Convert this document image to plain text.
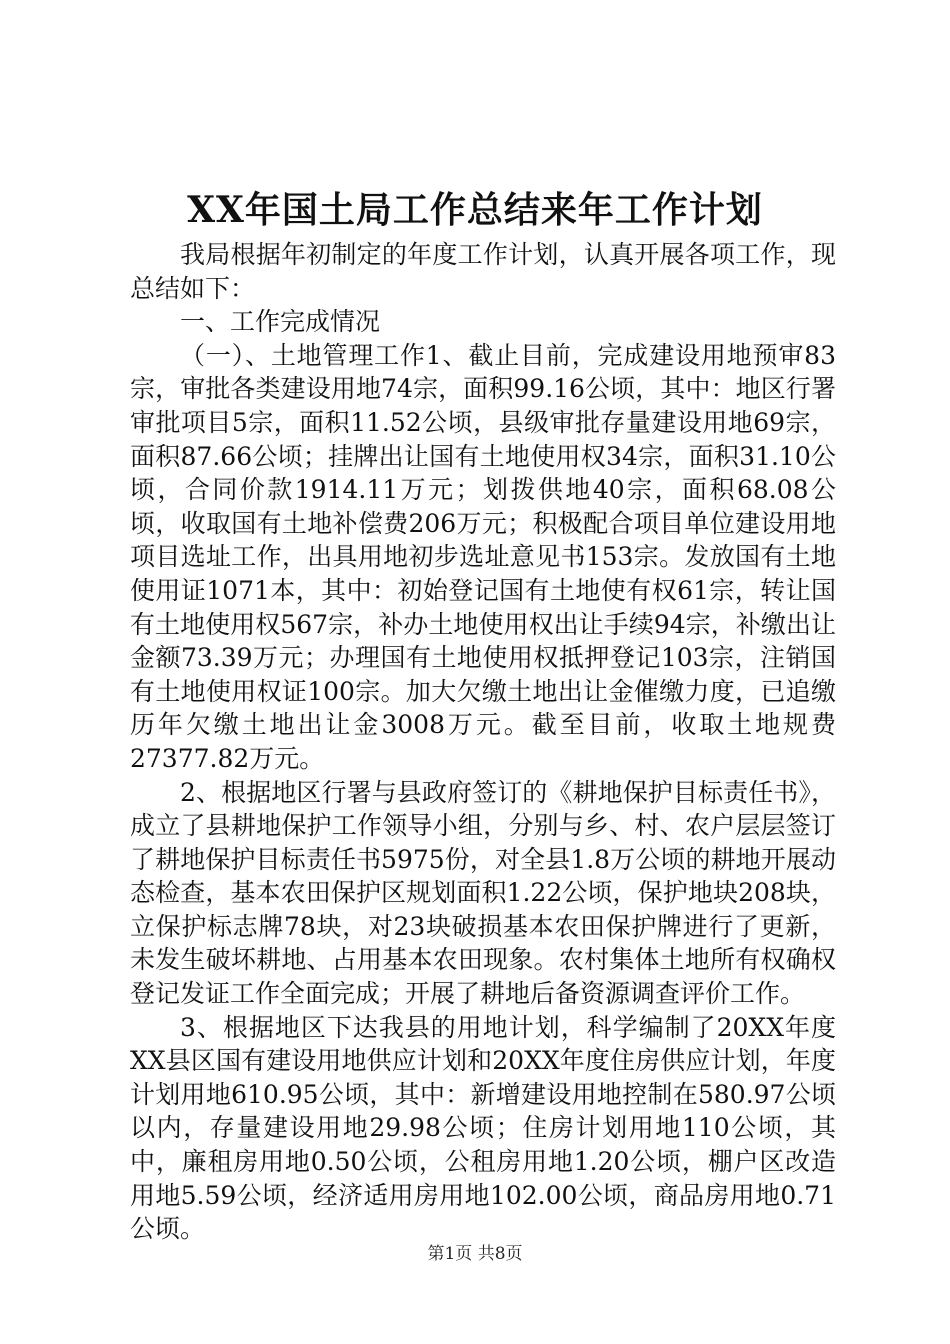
XX年国土局工作总结来年工作计划

我局根据年初制定的年度工作计划，认真开展各项工作，现总结如下：

一、工作完成情况

（一）、土地管理工作1、截止目前，完成建设用地预审83宗，审批各类建设用地74宗，面积99.16公顷，其中：地区行署审批项目5宗，面积11.52公顷，县级审批存量建设用地69宗，面积87.66公顷；挂牌出让国有土地使用权34宗，面积31.10公顷，合同价款1914.11万元；划拨供地40宗，面积68.08公顷，收取国有土地补偿费206万元；积极配合项目单位建设用地项目选址工作，出具用地初步选址意见书153宗。发放国有土地使用证1071本，其中：初始登记国有土地使有权61宗，转让国有土地使用权567宗，补办土地使用权出让手续94宗，补缴出让金额73.39万元；办理国有土地使用权抵押登记103宗，注销国有土地使用权证100宗。加大欠缴土地出让金催缴力度，已追缴历年欠缴土地出让金3008万元。截至目前，收取土地规费27377.82万元。

2、根据地区行署与县政府签订的《耕地保护目标责任书》，成立了县耕地保护工作领导小组，分别与乡、村、农户层层签订了耕地保护目标责任书5975份，对全县1.8万公顷的耕地开展动态检查，基本农田保护区规划面积1.22公顷，保护地块208块，立保护标志牌78块，对23块破损基本农田保护牌进行了更新，未发生破坏耕地、占用基本农田现象。农村集体土地所有权确权登记发证工作全面完成；开展了耕地后备资源调查评价工作。

3、根据地区下达我县的用地计划，科学编制了20XX年度XX县区国有建设用地供应计划和20XX年度住房供应计划，年度计划用地610.95公顷，其中：新增建设用地控制在580.97公顷以内，存量建设用地29.98公顷；住房计划用地110公顷，其中，廉租房用地0.50公顷，公租房用地1.20公顷，棚户区改造用地5.59公顷，经济适用房用地102.00公顷，商品房用地0.71公顷。

第1页 共8页
